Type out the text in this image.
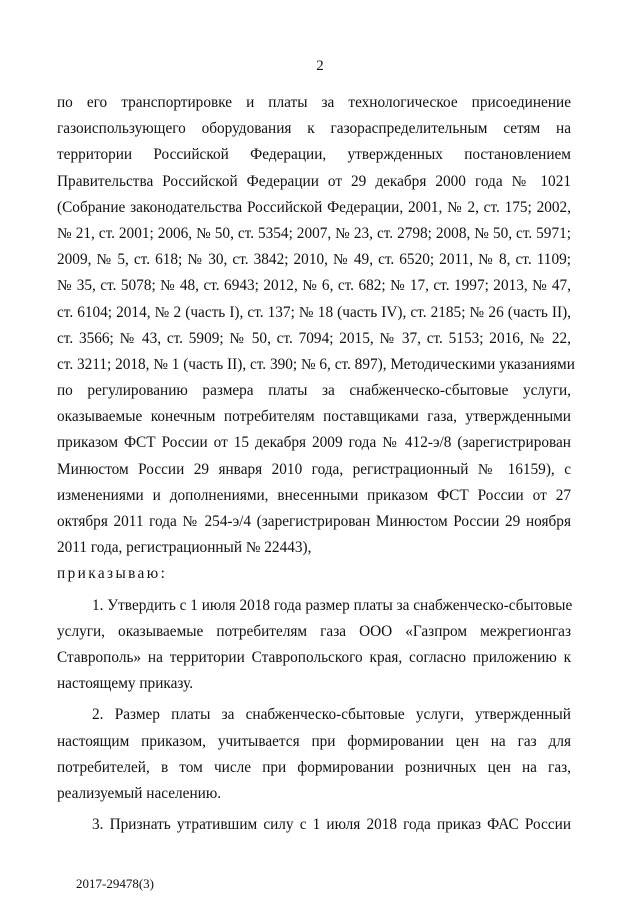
2
по его транспортировке и платы за технологическое присоединение
газоиспользующего оборудования к газораспределительным сетям на
территории Российской Федерации, утвержденных постановлением
Правительства Российской Федерации от 29 декабря 2000 года № 1021
(Собрание законодательства Российской Федерации, 2001, № 2, ст. 175; 2002,
№ 21, ст. 2001; 2006, № 50, ст. 5354; 2007, № 23, ст. 2798; 2008, № 50, ст. 5971;
2009, № 5, ст. 618; № 30, ст. 3842; 2010, № 49, ст. 6520; 2011, № 8, ст. 1109;
№ 35, ст. 5078; № 48, ст. 6943; 2012, № 6, ст. 682; № 17, ст. 1997; 2013, № 47,
ст. 6104; 2014, № 2 (часть I), ст. 137; № 18 (часть IV), ст. 2185; № 26 (часть II),
ст. 3566; № 43, ст. 5909; № 50, ст. 7094; 2015, № 37, ст. 5153; 2016, № 22,
ст. 3211; 2018, № 1 (часть II), ст. 390; № 6, ст. 897), Методическими указаниями
по регулированию размера платы за снабженческо-сбытовые услуги,
оказываемые конечным потребителям поставщиками газа, утвержденными
приказом ФСТ России от 15 декабря 2009 года № 412-э/8 (зарегистрирован
Минюстом России 29 января 2010 года, регистрационный № 16159), с
изменениями и дополнениями, внесенными приказом ФСТ России от 27
октября 2011 года № 254-э/4 (зарегистрирован Минюстом России 29 ноября
2011 года, регистрационный № 22443),
приказываю:
1. Утвердить с 1 июля 2018 года размер платы за снабженческо-сбытовые
услуги, оказываемые потребителям газа ООО «Газпром межрегионгаз
Ставрополь» на территории Ставропольского края, согласно приложению к
настоящему приказу.
2. Размер платы за снабженческо-сбытовые услуги, утвержденный
настоящим приказом, учитывается при формировании цен на газ для
потребителей, в том числе при формировании розничных цен на газ,
реализуемый населению.
3. Признать утратившим силу с 1 июля 2018 года приказ ФАС России
2017-29478(3)
